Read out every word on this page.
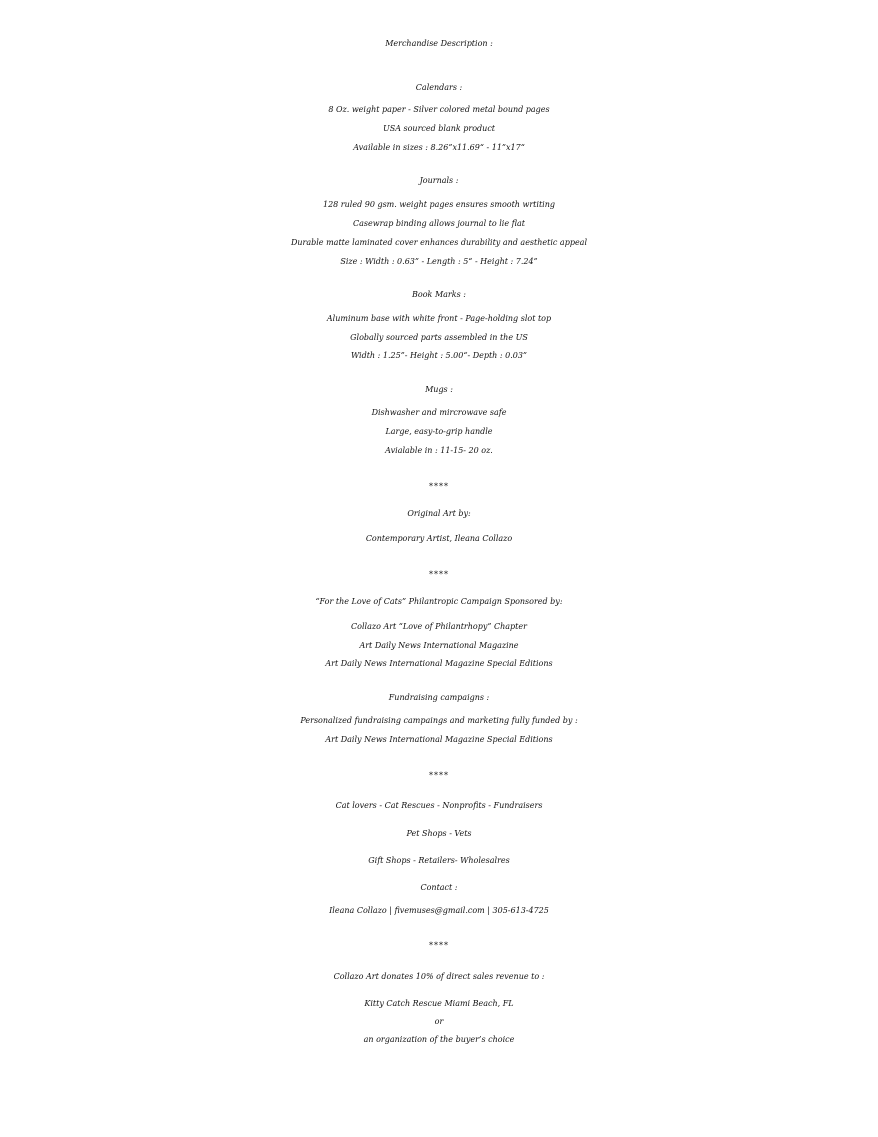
Merchandise Description :
Calendars :
8 Oz. weight paper - Silver colored metal bound pages
USA sourced blank product
Available in sizes : 8.26”x11.69“ - 11”x17“
Journals :
128 ruled 90 gsm. weight pages ensures smooth wrtiting
Casewrap binding allows journal to lie flat
Durable matte laminated cover enhances durability and aesthetic appeal
Size : Width : 0.63” - Length : 5“ - Height : 7.24”
Book Marks :
Aluminum base with white front - Page-holding slot top
Globally sourced parts assembled in the US
Width : 1.25”- Height : 5.00“- Depth : 0.03”
Mugs :
Dishwasher and mircrowave safe
Large, easy-to-grip handle
Avialable in : 11-15- 20 oz.
****
Original Art by:
Contemporary Artist, Ileana Collazo
****
“For the Love of Cats” Philantropic Campaign Sponsored by:
Collazo Art “Love of Philantrhopy” Chapter
Art Daily News International Magazine
Art Daily News International Magazine Special Editions
Fundraising campaigns :
Personalized fundraising campaings and marketing fully funded by :
Art Daily News International Magazine Special Editions
****
Cat lovers - Cat Rescues - Nonprofits - Fundraisers
Pet Shops - Vets
Gift Shops - Retailers- Wholesalres
Contact :
Ileana Collazo | fivemuses@gmail.com | 305-613-4725
****
Collazo Art donates 10% of direct sales revenue to :
Kitty Catch Rescue Miami Beach, FL
or
an organization of the buyer’s choice
